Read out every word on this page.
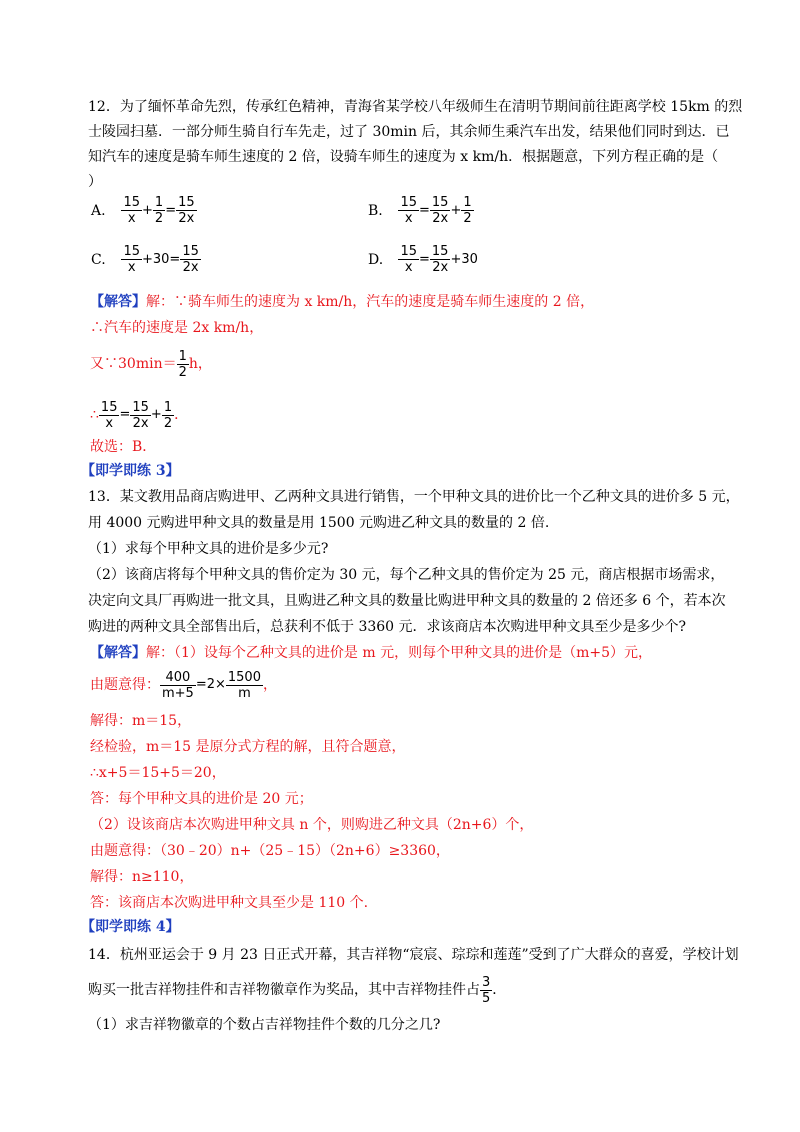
12．为了缅怀革命先烈，传承红色精神，青海省某学校八年级师生在清明节期间前往距离学校 15km 的烈
士陵园扫墓．一部分师生骑自行车先走，过了 30min 后，其余师生乘汽车出发，结果他们同时到达．已
知汽车的速度是骑车师生速度的 2 倍，设骑车师生的速度为 x km/h．根据题意，下列方程正确的是（
）
A. $\frac{15}{x} + \frac{1}{2} = \frac{15}{2x}$	B. $\frac{15}{x} = \frac{15}{2x} + \frac{1}{2}$
C. $\frac{15}{x} +30= \frac{15}{2x}$	D. $\frac{15}{x} = \frac{15}{2x} +30$
【解答】解：∵骑车师生的速度为 x km/h，汽车的速度是骑车师生速度的 2 倍，
∴汽车的速度是 2x km/h，
又∵30min＝ $\frac{1}{2}$ h，
∴ $\frac{15}{x} = \frac{15}{2x} + \frac{1}{2}$ ．
故选：B．
【即学即练 3】
13．某文教用品商店购进甲、乙两种文具进行销售，一个甲种文具的进价比一个乙种文具的进价多 5 元，
用 4000 元购进甲种文具的数量是用 1500 元购进乙种文具的数量的 2 倍.
（1）求每个甲种文具的进价是多少元?
（2）该商店将每个甲种文具的售价定为 30 元，每个乙种文具的售价定为 25 元，商店根据市场需求，
决定向文具厂再购进一批文具，且购进乙种文具的数量比购进甲种文具的数量的 2 倍还多 6 个，若本次
购进的两种文具全部售出后，总获利不低于 3360 元．求该商店本次购进甲种文具至少是多少个?
【解答】解：（1）设每个乙种文具的进价是 m 元，则每个甲种文具的进价是（m+5）元，
由题意得： $\frac{400}{m+5} =2\times \frac{1500}{m}$ ，
解得：m＝15，
经检验，m＝15 是原分式方程的解，且符合题意，
∴x+5＝15+5＝20，
答：每个甲种文具的进价是 20 元；
（2）设该商店本次购进甲种文具 n 个，则购进乙种文具（2n+6）个，
由题意得：（30﹣20）n+（25﹣15）（2n+6）≥3360，
解得：n≥110，
答：该商店本次购进甲种文具至少是 110 个.
【即学即练 4】
14．杭州亚运会于 9 月 23 日正式开幕，其吉祥物“宸宸、琮琮和莲莲”受到了广大群众的喜爱，学校计划
购买一批吉祥物挂件和吉祥物徽章作为奖品，其中吉祥物挂件占 $\frac{3}{5}$ ．
（1）求吉祥物徽章的个数占吉祥物挂件个数的几分之几?
